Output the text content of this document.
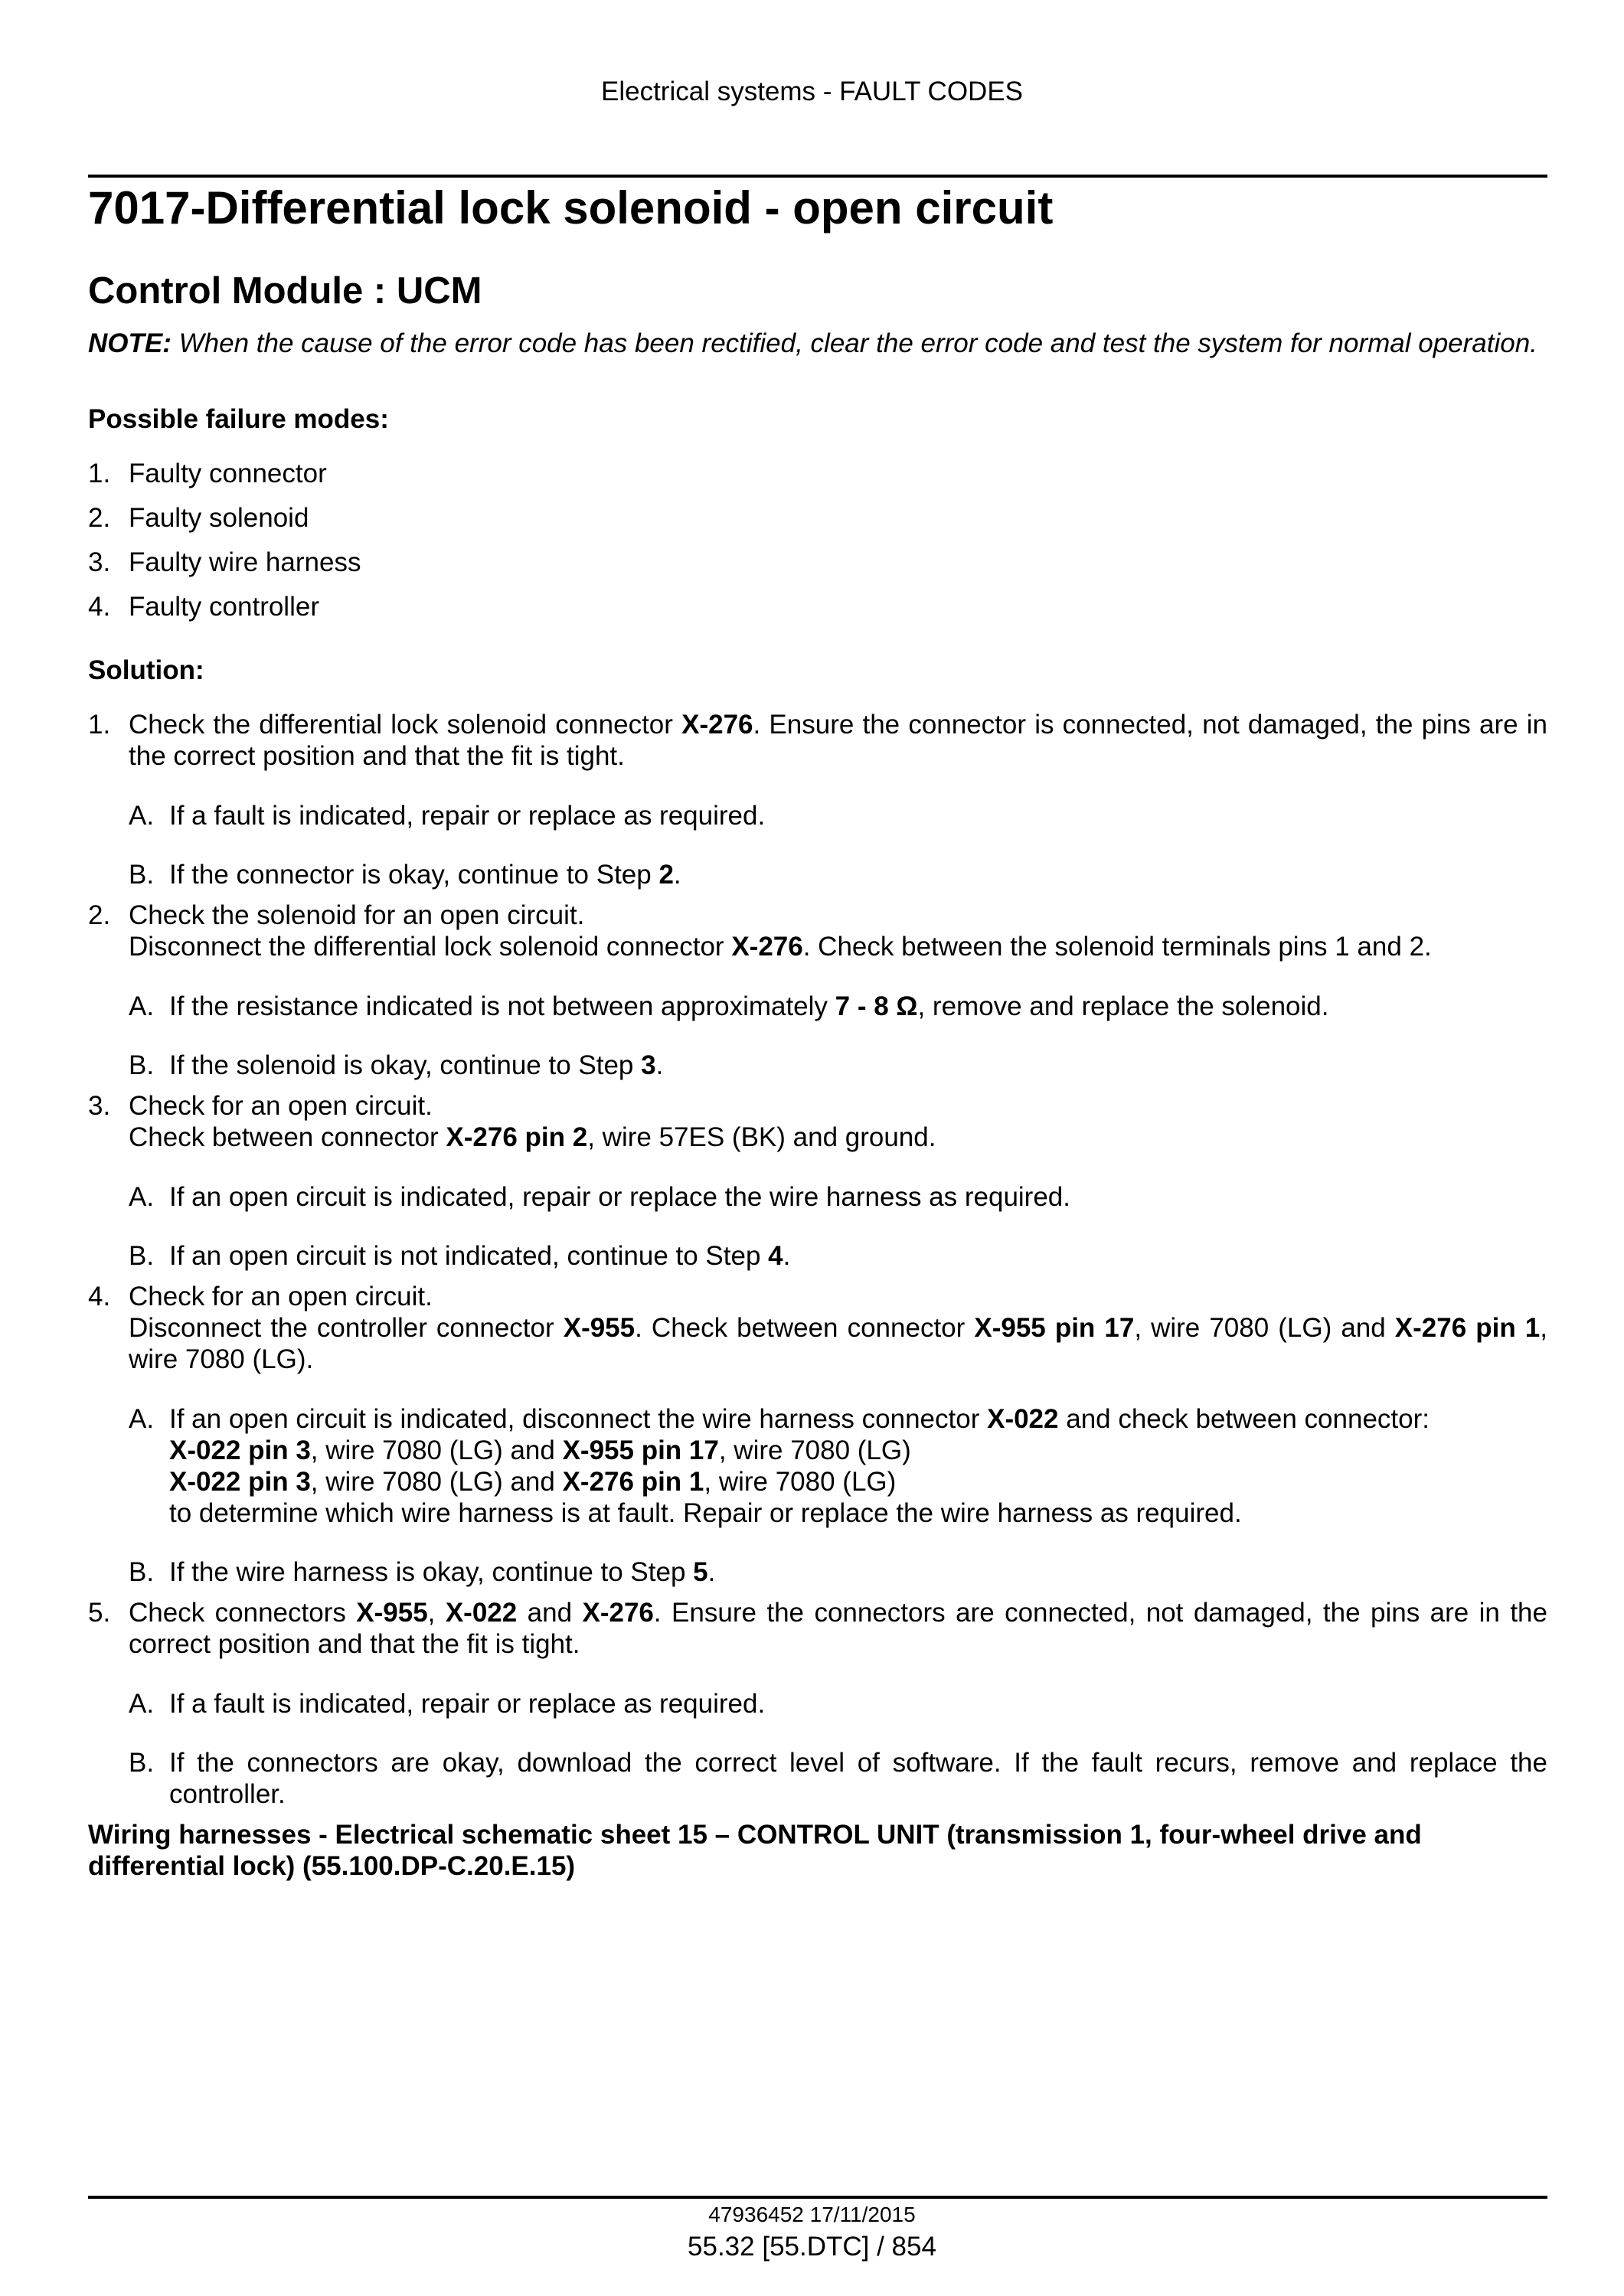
Electrical systems - FAULT CODES
7017-Differential lock solenoid - open circuit
Control Module : UCM

NOTE: When the cause of the error code has been rectified, clear the error code and test the system for normal operation.

Possible failure modes:
1. Faulty connector
2. Faulty solenoid
3. Faulty wire harness
4. Faulty controller
Solution:
1. Check the differential lock solenoid connector X-276. Ensure the connector is connected, not damaged, the pins are in the correct position and that the fit is tight.

A. If a fault is indicated, repair or replace as required.

B. If the connector is okay, continue to Step 2.

2. Check the solenoid for an open circuit.

Disconnect the differential lock solenoid connector X-276. Check between the solenoid terminals pins 1 and 2.

A. If the resistance indicated is not between approximately 7 - 8 Ω, remove and replace the solenoid.

B. If the solenoid is okay, continue to Step 3.

3. Check for an open circuit.

Check between connector X-276 pin 2, wire 57ES (BK) and ground.

A. If an open circuit is indicated, repair or replace the wire harness as required.

B. If an open circuit is not indicated, continue to Step 4.

4. Check for an open circuit.

Disconnect the controller connector X-955. Check between connector X-955 pin 17, wire 7080 (LG) and X-276 pin 1, wire 7080 (LG).

A. If an open circuit is indicated, disconnect the wire harness connector X-022 and check between connector:

X-022 pin 3, wire 7080 (LG) and X-955 pin 17, wire 7080 (LG)

X-022 pin 3, wire 7080 (LG) and X-276 pin 1, wire 7080 (LG)

to determine which wire harness is at fault. Repair or replace the wire harness as required.

B. If the wire harness is okay, continue to Step 5.

5. Check connectors X-955, X-022 and X-276. Ensure the connectors are connected, not damaged, the pins are in the correct position and that the fit is tight.

A. If a fault is indicated, repair or replace as required.

B. If the connectors are okay, download the correct level of software. If the fault recurs, remove and replace the controller.

Wiring harnesses - Electrical schematic sheet 15 – CONTROL UNIT (transmission 1, four-wheel drive and differential lock) (55.100.DP-C.20.E.15)
47936452 17/11/2015
55.32 [55.DTC] / 854
